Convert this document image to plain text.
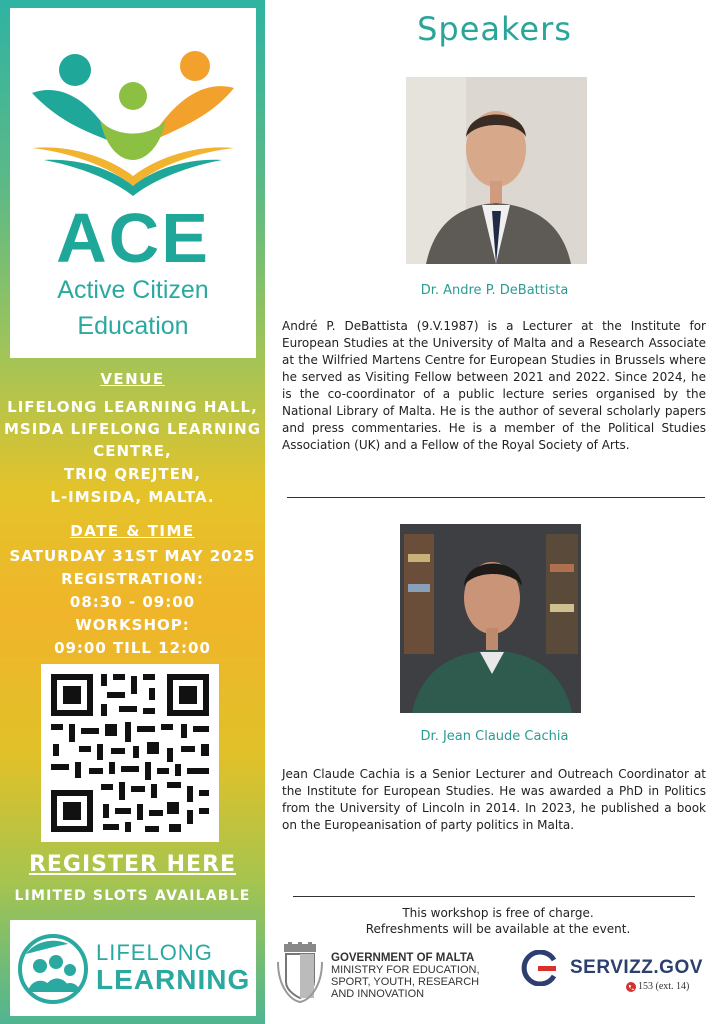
ACE
Active Citizen
Education
VENUE
LIFELONG LEARNING HALL,
MSIDA LIFELONG LEARNING
CENTRE,
TRIQ QREJTEN,
L-IMSIDA, MALTA.
DATE & TIME
SATURDAY 31ST MAY 2025
REGISTRATION:
08:30 - 09:00
WORKSHOP:
09:00 TILL 12:00
REGISTER HERE
LIMITED SLOTS AVAILABLE
LIFELONG
LEARNING
Speakers
Dr. Andre P. DeBattista
André P. DeBattista (9.V.1987) is a Lecturer at the Institute for European Studies at the University of Malta and a Research Associate at the Wilfried Martens Centre for European Studies in Brussels where he served as Visiting Fellow between 2021 and 2022. Since 2024, he is the co-coordinator of a public lecture series organised by the National Library of Malta. He is the author of several scholarly papers and press commentaries. He is a member of the Political Studies Association (UK) and a Fellow of the Royal Society of Arts.
Dr. Jean Claude Cachia
Jean Claude Cachia is a Senior Lecturer and Outreach Coordinator at the Institute for European Studies. He was awarded a PhD in Politics from the University of Lincoln in 2014. In 2023, he published a book on the Europeanisation of party politics in Malta.
This workshop is free of charge.
Refreshments will be available at the event.
GOVERNMENT OF MALTA
MINISTRY FOR EDUCATION,
SPORT, YOUTH, RESEARCH
AND INNOVATION
SERVIZZ.GOV
153 (ext. 14)
